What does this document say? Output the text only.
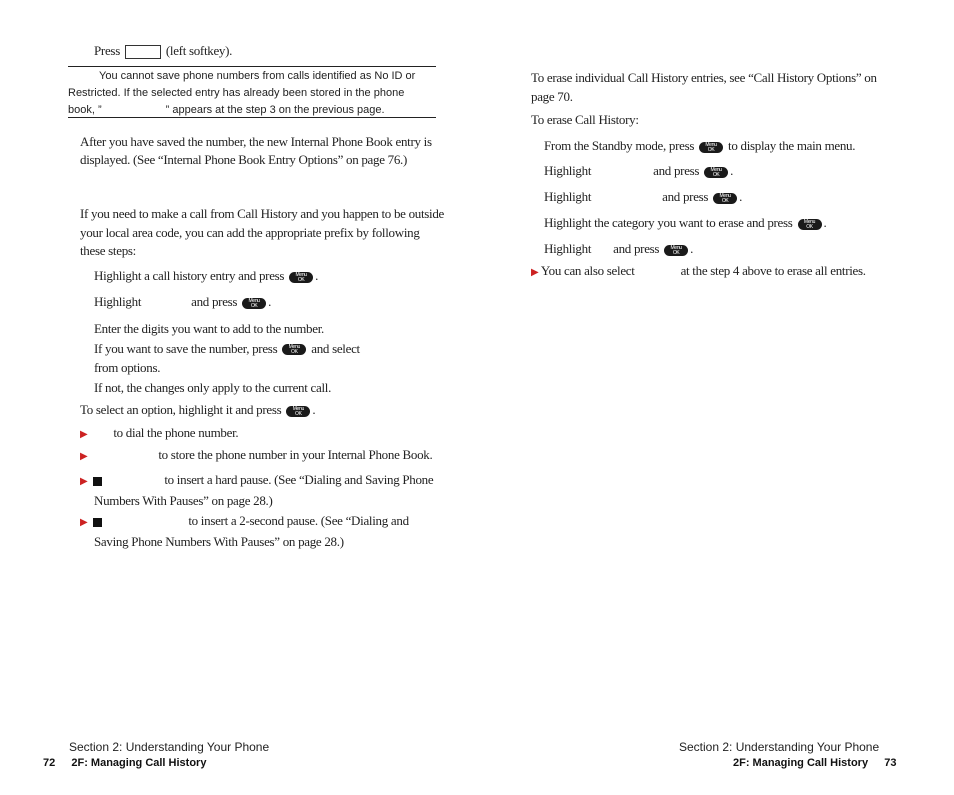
Press	(left softkey).
You cannot save phone numbers from calls identified as No ID or
Restricted. If the selected entry has already been stored in the phone
book, ”	” appears at the step 3 on the previous page.
After you have saved the number, the new Internal Phone Book entry is
displayed. (See “Internal Phone Book Entry Options” on page 76.)
If you need to make a call from Call History and you happen to be outside
your local area code, you can add the appropriate prefix by following
these steps:
Highlight a call history entry and press	Menu
OK .
Highlight	and press	Menu
OK .
Enter the digits you want to add to the number.
If you want to save the number, press	Menu
OK	and select
from options.
If not, the changes only apply to the current call.
To select an option, highlight it and press	Menu
OK .
▶ to dial the phone number.
▶	to store the phone number in your Internal Phone Book.
▶	to insert a hard pause. (See “Dialing and Saving Phone
Numbers With Pauses” on page 28.)
▶	to insert a 2-second pause. (See “Dialing and
Saving Phone Numbers With Pauses” on page 28.)
Section 2: Understanding Your Phone
72 2F: Managing Call History
To erase individual Call History entries, see “Call History Options” on
page 70.
To erase Call History:
From the Standby mode, press	Menu
OK	to display the main menu.
Highlight	and press	Menu
OK .
Highlight	and press	Menu
OK .
Highlight the category you want to erase and press	Menu
OK .
Highlight and press	Menu
OK .
▶ You can also select	at the step 4 above to erase all entries.
Section 2: Understanding Your Phone
2F: Managing Call History 73
